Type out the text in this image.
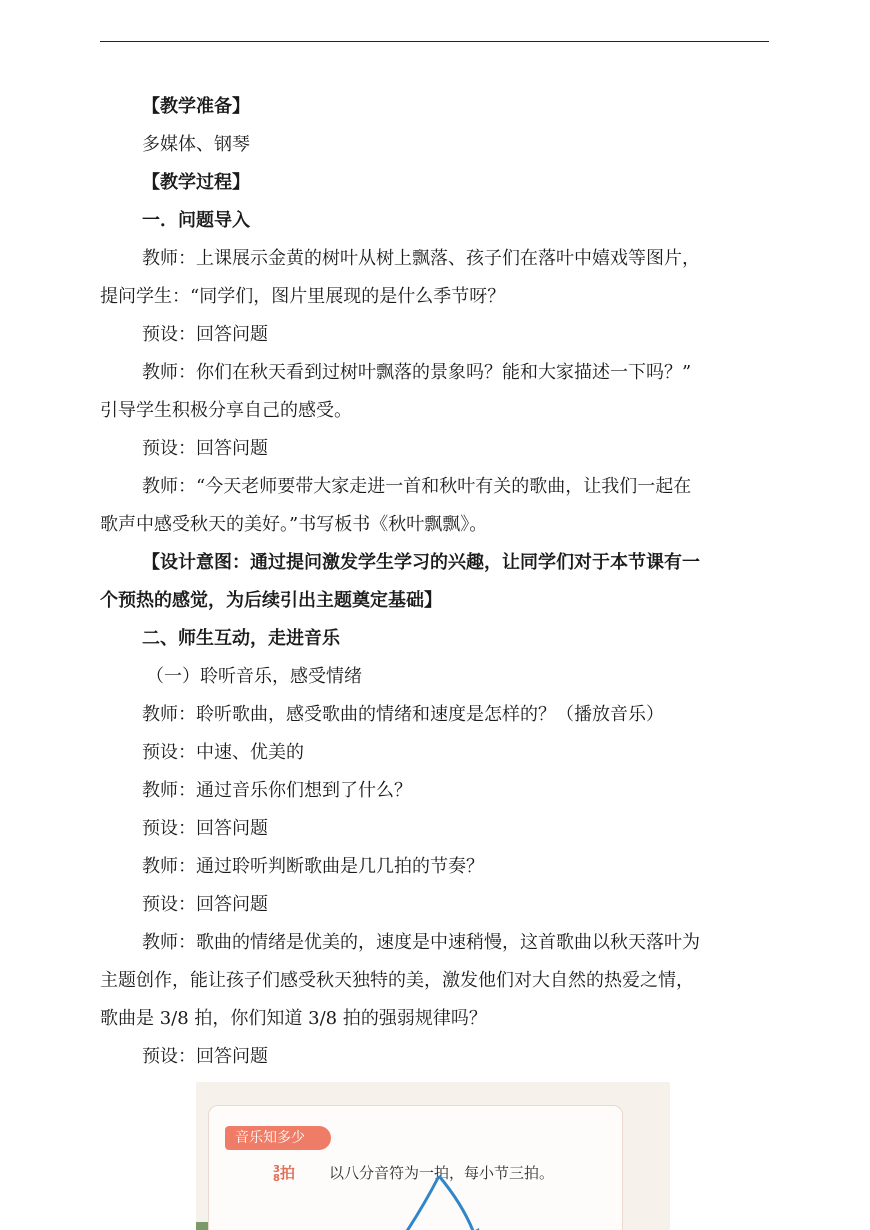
【教学准备】
多媒体、钢琴
【教学过程】
一．问题导入
教师：上课展示金黄的树叶从树上飘落、孩子们在落叶中嬉戏等图片，
提问学生：“同学们，图片里展现的是什么季节呀？
预设：回答问题
教师：你们在秋天看到过树叶飘落的景象吗？能和大家描述一下吗？”
引导学生积极分享自己的感受。
预设：回答问题
教师：“今天老师要带大家走进一首和秋叶有关的歌曲，让我们一起在
歌声中感受秋天的美好。”书写板书《秋叶飘飘》。
【设计意图：通过提问激发学生学习的兴趣，让同学们对于本节课有一
个预热的感觉，为后续引出主题奠定基础】
二、师生互动，走进音乐
（一）聆听音乐，感受情绪
教师：聆听歌曲，感受歌曲的情绪和速度是怎样的？（播放音乐）
预设：中速、优美的
教师：通过音乐你们想到了什么？
预设：回答问题
教师：通过聆听判断歌曲是几几拍的节奏？
预设：回答问题
教师：歌曲的情绪是优美的，速度是中速稍慢，这首歌曲以秋天落叶为
主题创作，能让孩子们感受秋天独特的美，激发他们对大自然的热爱之情，
歌曲是 3/8 拍，你们知道 3/8 拍的强弱规律吗？
预设：回答问题
音乐知多少
3
8拍 以八分音符为一拍，每小节三拍。
